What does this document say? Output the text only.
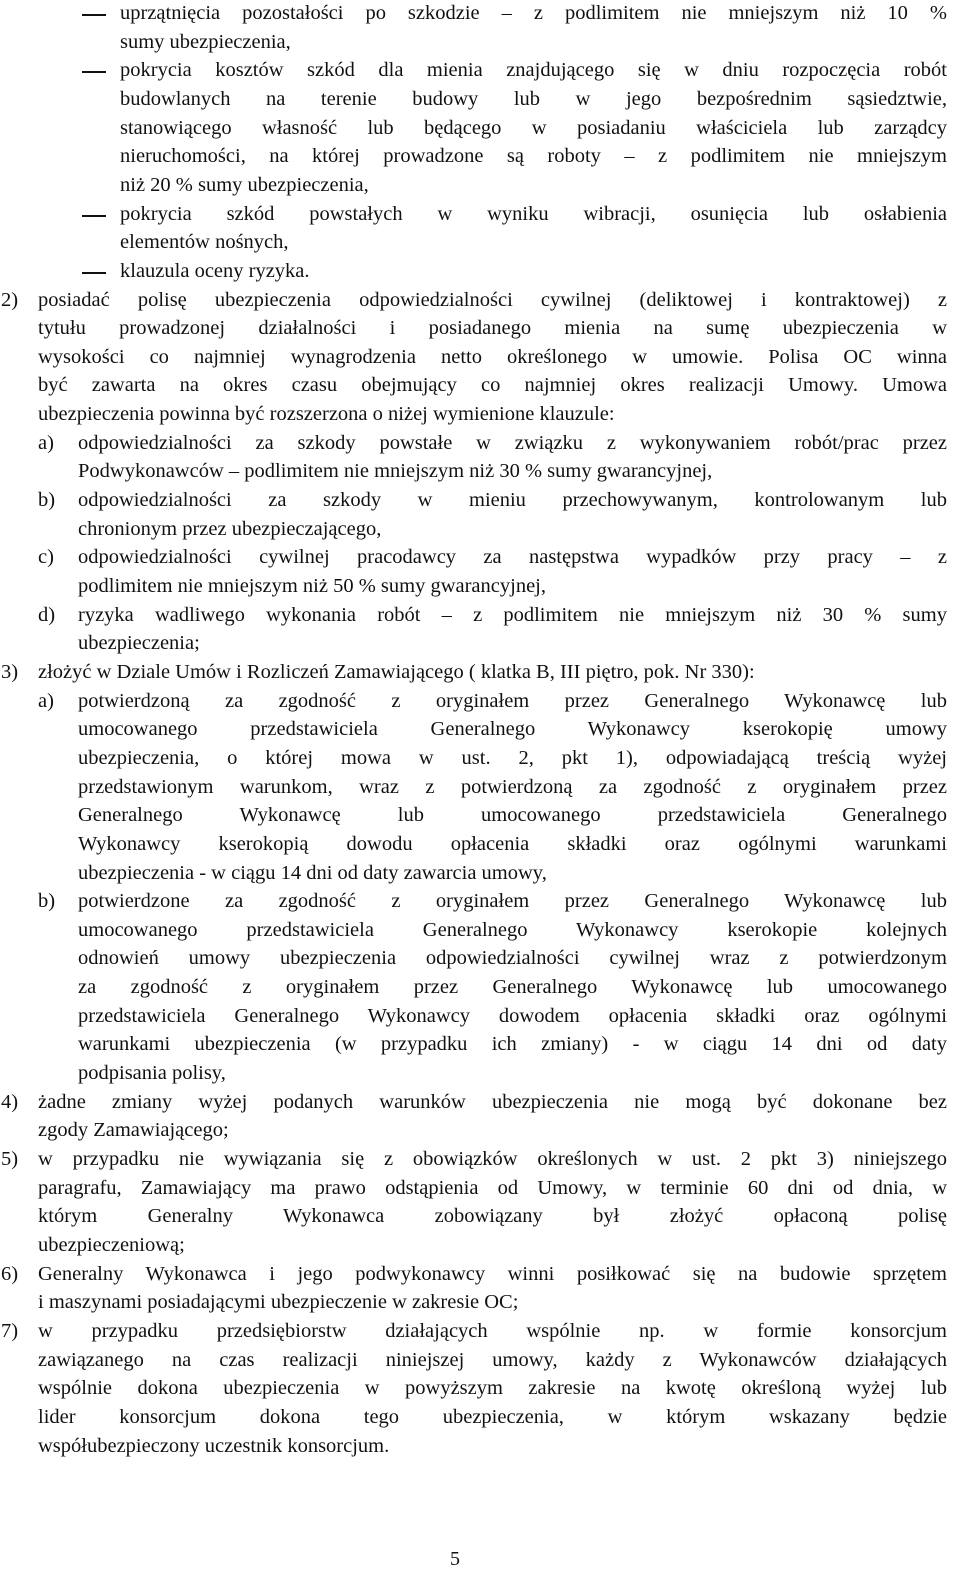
uprzątnięcia pozostałości po szkodzie – z podlimitem nie mniejszym niż 10 %
sumy ubezpieczenia,
pokrycia kosztów szkód dla mienia znajdującego się w dniu rozpoczęcia robót
budowlanych na terenie budowy lub w jego bezpośrednim sąsiedztwie,
stanowiącego własność lub będącego w posiadaniu właściciela lub zarządcy
nieruchomości, na której prowadzone są roboty – z podlimitem nie mniejszym
niż 20 % sumy ubezpieczenia,
pokrycia szkód powstałych w wyniku wibracji, osunięcia lub osłabienia
elementów nośnych,
klauzula oceny ryzyka.
2) posiadać polisę ubezpieczenia odpowiedzialności cywilnej (deliktowej i kontraktowej) z
tytułu prowadzonej działalności i posiadanego mienia na sumę ubezpieczenia w
wysokości co najmniej wynagrodzenia netto określonego w umowie. Polisa OC winna
być zawarta na okres czasu obejmujący co najmniej okres realizacji Umowy. Umowa
ubezpieczenia powinna być rozszerzona o niżej wymienione klauzule:
a) odpowiedzialności za szkody powstałe w związku z wykonywaniem robót/prac przez
Podwykonawców – podlimitem nie mniejszym niż 30 % sumy gwarancyjnej,
b) odpowiedzialności za szkody w mieniu przechowywanym, kontrolowanym lub
chronionym przez ubezpieczającego,
c) odpowiedzialności cywilnej pracodawcy za następstwa wypadków przy pracy – z
podlimitem nie mniejszym niż 50 % sumy gwarancyjnej,
d) ryzyka wadliwego wykonania robót – z podlimitem nie mniejszym niż 30 % sumy
ubezpieczenia;
3) złożyć w Dziale Umów i Rozliczeń Zamawiającego ( klatka B, III piętro, pok. Nr 330):
a) potwierdzoną za zgodność z oryginałem przez Generalnego Wykonawcę lub
umocowanego przedstawiciela Generalnego Wykonawcy kserokopię umowy
ubezpieczenia, o której mowa w ust. 2, pkt 1), odpowiadającą treścią wyżej
przedstawionym warunkom, wraz z potwierdzoną za zgodność z oryginałem przez
Generalnego Wykonawcę lub umocowanego przedstawiciela Generalnego
Wykonawcy kserokopią dowodu opłacenia składki oraz ogólnymi warunkami
ubezpieczenia - w ciągu 14 dni od daty zawarcia umowy,
b) potwierdzone za zgodność z oryginałem przez Generalnego Wykonawcę lub
umocowanego przedstawiciela Generalnego Wykonawcy kserokopie kolejnych
odnowień umowy ubezpieczenia odpowiedzialności cywilnej wraz z potwierdzonym
za zgodność z oryginałem przez Generalnego Wykonawcę lub umocowanego
przedstawiciela Generalnego Wykonawcy dowodem opłacenia składki oraz ogólnymi
warunkami ubezpieczenia (w przypadku ich zmiany) - w ciągu 14 dni od daty
podpisania polisy,
4) żadne zmiany wyżej podanych warunków ubezpieczenia nie mogą być dokonane bez
zgody Zamawiającego;
5) w przypadku nie wywiązania się z obowiązków określonych w ust. 2 pkt 3) niniejszego
paragrafu, Zamawiający ma prawo odstąpienia od Umowy, w terminie 60 dni od dnia, w
którym Generalny Wykonawca zobowiązany był złożyć opłaconą polisę
ubezpieczeniową;
6) Generalny Wykonawca i jego podwykonawcy winni posiłkować się na budowie sprzętem
i maszynami posiadającymi ubezpieczenie w zakresie OC;
7) w przypadku przedsiębiorstw działających wspólnie np. w formie konsorcjum
zawiązanego na czas realizacji niniejszej umowy, każdy z Wykonawców działających
wspólnie dokona ubezpieczenia w powyższym zakresie na kwotę określoną wyżej lub
lider konsorcjum dokona tego ubezpieczenia, w którym wskazany będzie
współubezpieczony uczestnik konsorcjum.
5
